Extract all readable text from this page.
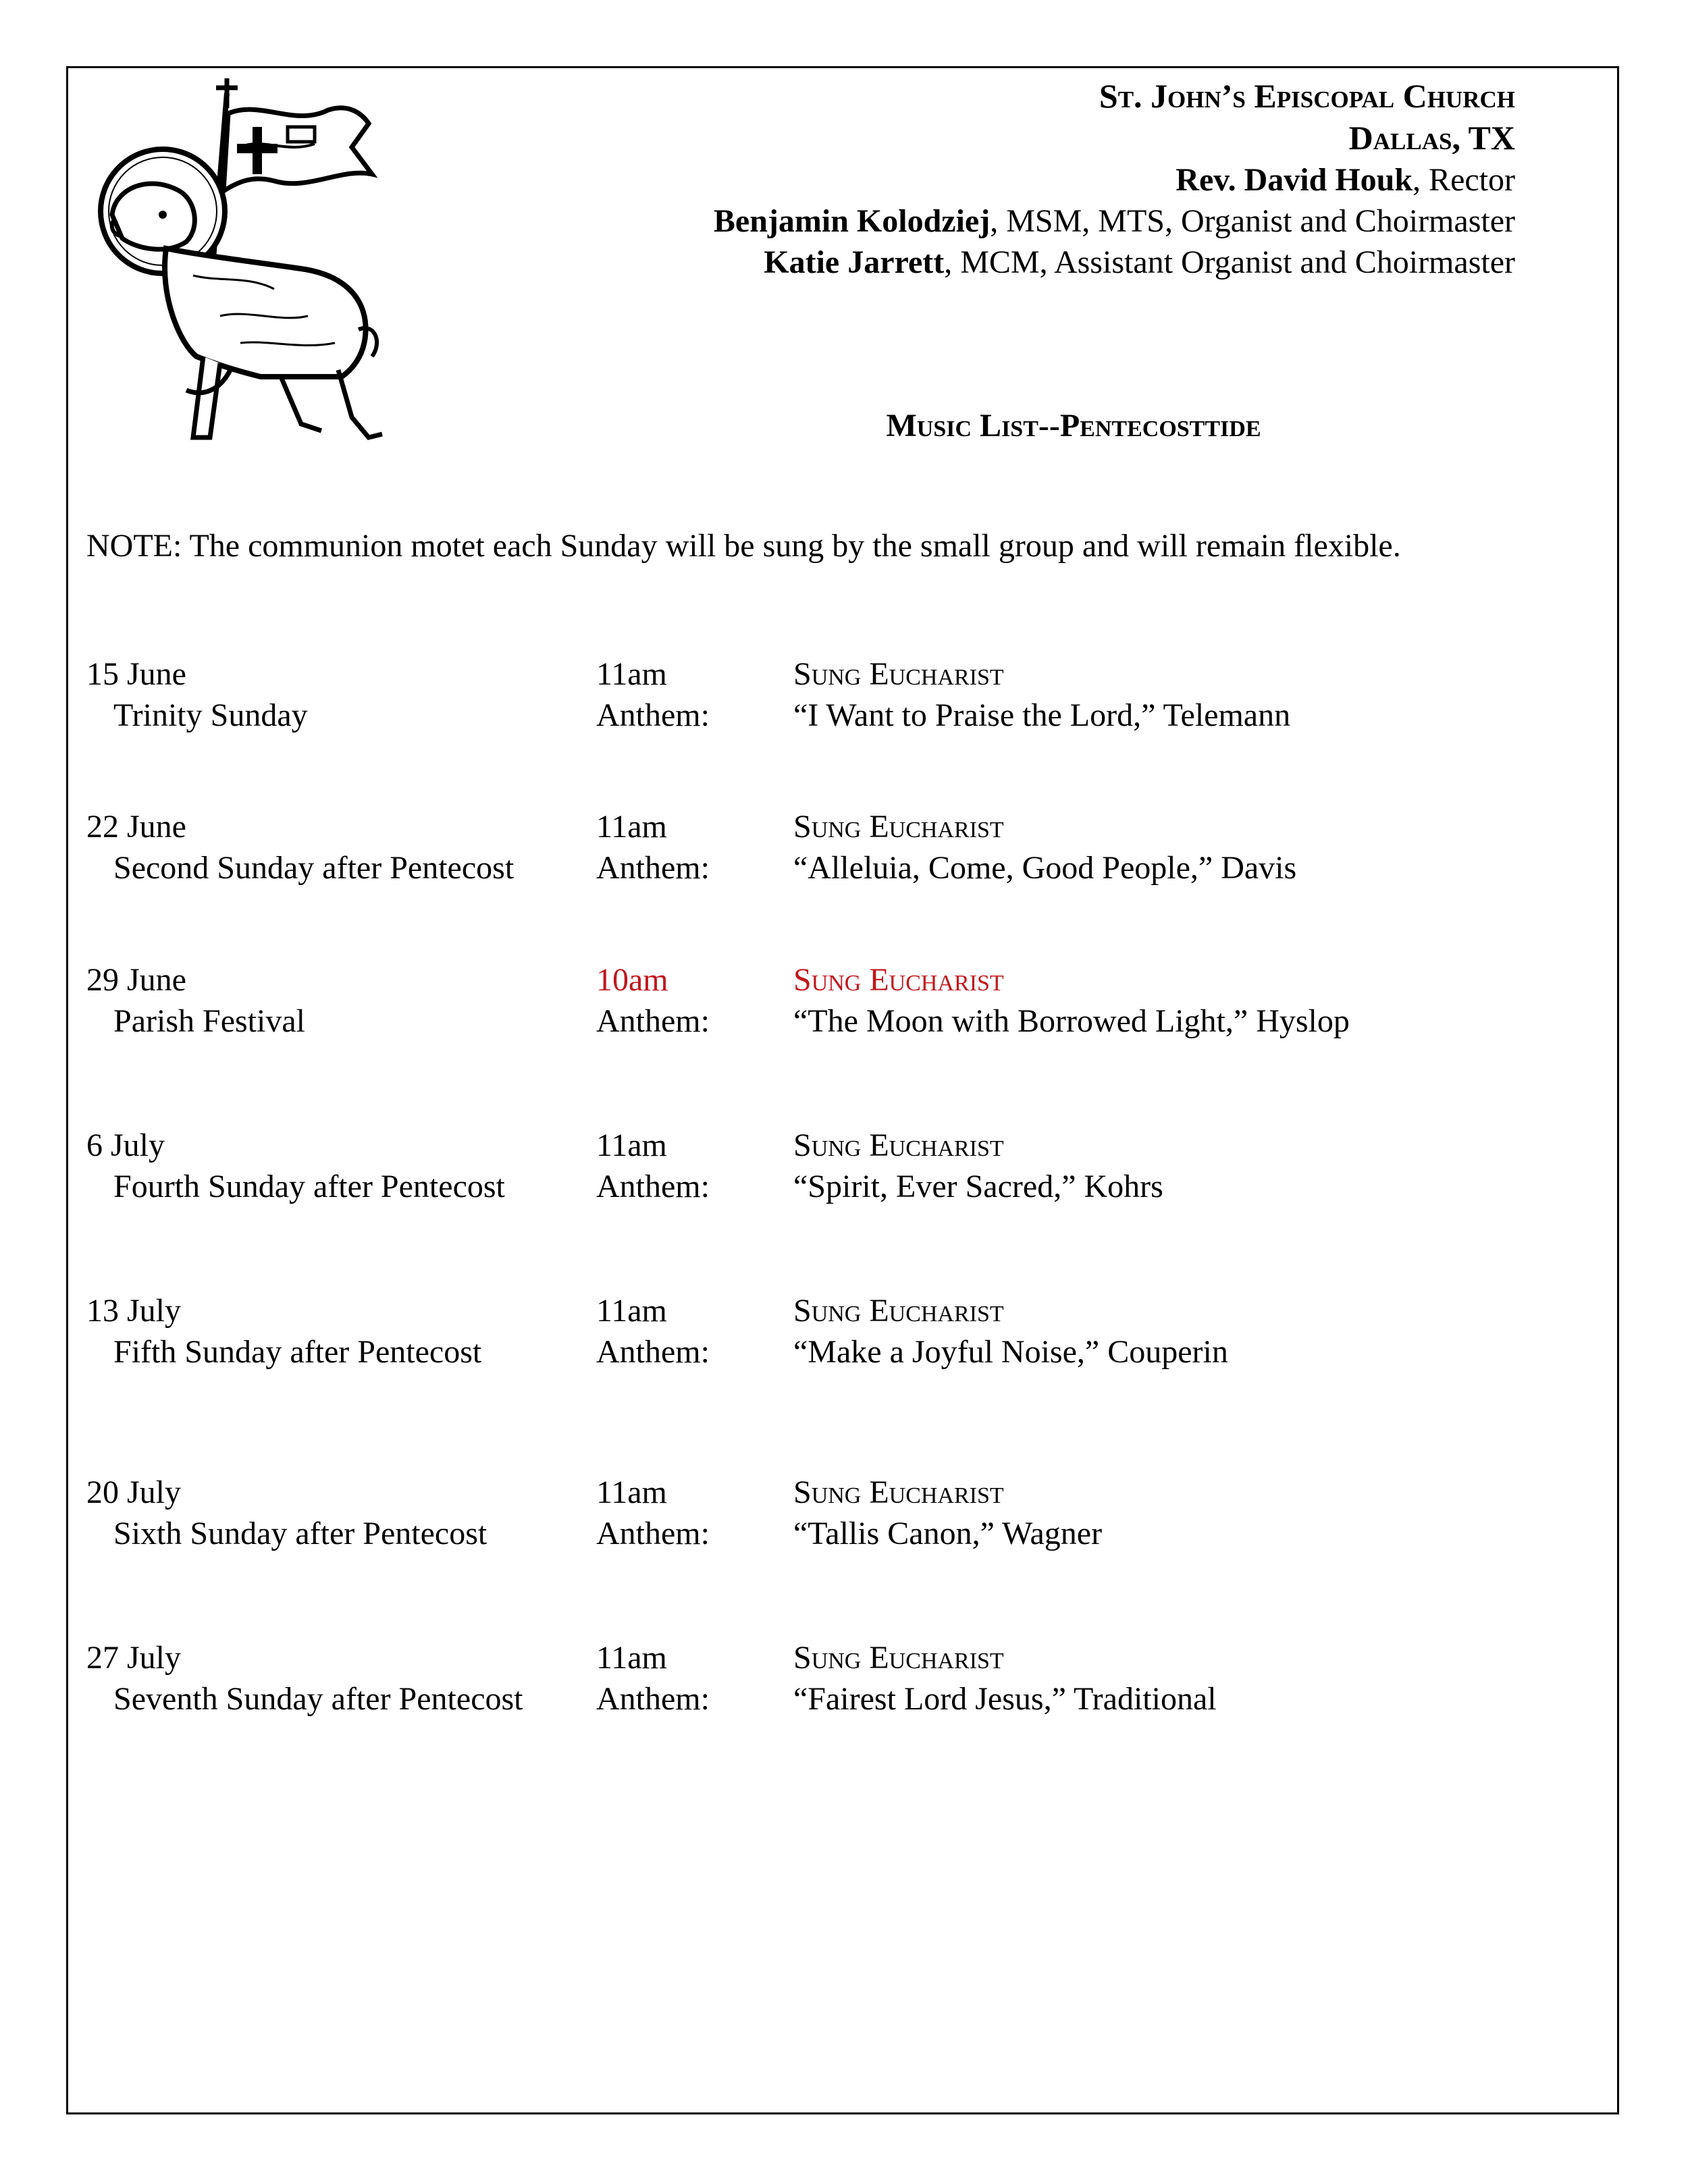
St. John’s Episcopal Church
Dallas, TX
Rev. David Houk, Rector
Benjamin Kolodziej, MSM, MTS, Organist and Choirmaster
Katie Jarrett, MCM, Assistant Organist and Choirmaster
Music List--Pentecosttide
NOTE: The communion motet each Sunday will be sung by the small group and will remain flexible.
15 June
Trinity Sunday
11am
Anthem:
Sung Eucharist
“I Want to Praise the Lord,” Telemann
22 June
Second Sunday after Pentecost
11am
Anthem:
Sung Eucharist
“Alleluia, Come, Good People,” Davis
29 June
Parish Festival
10am
Anthem:
Sung Eucharist
“The Moon with Borrowed Light,” Hyslop
6 July
Fourth Sunday after Pentecost
11am
Anthem:
Sung Eucharist
“Spirit, Ever Sacred,” Kohrs
13 July
Fifth Sunday after Pentecost
11am
Anthem:
Sung Eucharist
“Make a Joyful Noise,” Couperin
20 July
Sixth Sunday after Pentecost
11am
Anthem:
Sung Eucharist
“Tallis Canon,” Wagner
27 July
Seventh Sunday after Pentecost
11am
Anthem:
Sung Eucharist
“Fairest Lord Jesus,” Traditional
